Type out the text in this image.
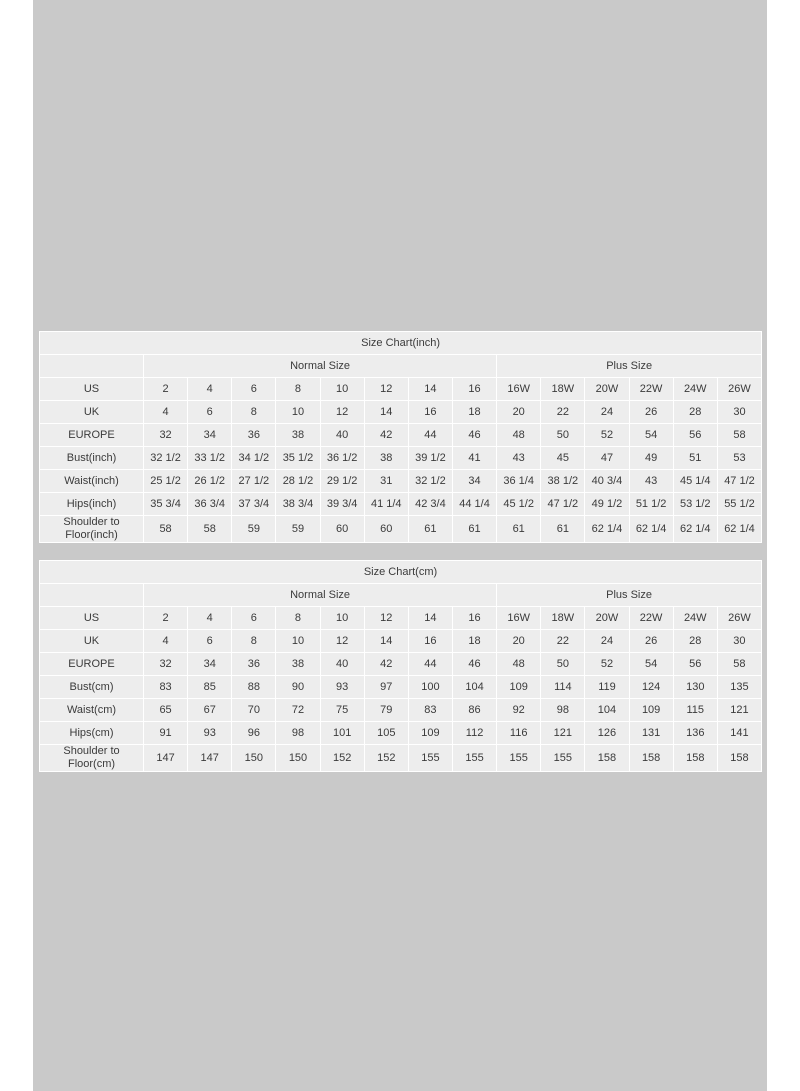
Size Chart(inch)														
	Normal Size								Plus Size					
US	2	4	6	8	10	12	14	16	16W	18W	20W	22W	24W	26W
UK	4	6	8	10	12	14	16	18	20	22	24	26	28	30
EUROPE	32	34	36	38	40	42	44	46	48	50	52	54	56	58
Bust(inch)	32 1/2	33 1/2	34 1/2	35 1/2	36 1/2	38	39 1/2	41	43	45	47	49	51	53
Waist(inch)	25 1/2	26 1/2	27 1/2	28 1/2	29 1/2	31	32 1/2	34	36 1/4	38 1/2	40 3/4	43	45 1/4	47 1/2
Hips(inch)	35 3/4	36 3/4	37 3/4	38 3/4	39 3/4	41 1/4	42 3/4	44 1/4	45 1/2	47 1/2	49 1/2	51 1/2	53 1/2	55 1/2

Shoulder to
Floor(inch)	58	58	59	59	60	60	61	61	61	61	62 1/4	62 1/4	62 1/4	62 1/4
Size Chart(cm)														
	Normal Size								Plus Size					
US	2	4	6	8	10	12	14	16	16W	18W	20W	22W	24W	26W
UK	4	6	8	10	12	14	16	18	20	22	24	26	28	30
EUROPE	32	34	36	38	40	42	44	46	48	50	52	54	56	58
Bust(cm)	83	85	88	90	93	97	100	104	109	114	119	124	130	135
Waist(cm)	65	67	70	72	75	79	83	86	92	98	104	109	115	121
Hips(cm)	91	93	96	98	101	105	109	112	116	121	126	131	136	141
Shoulder to Floor(cm)	147	147	150	150	152	152	155	155	155	155	158	158	158	158
